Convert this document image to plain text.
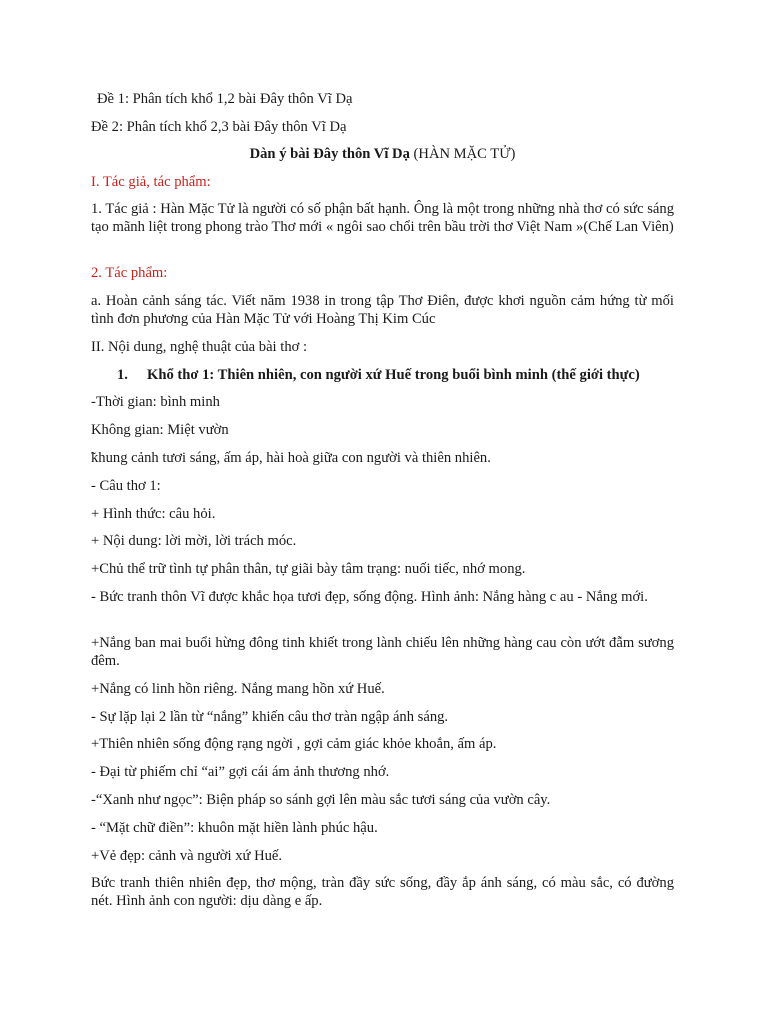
Đề 1: Phân tích khổ 1,2 bài Đây thôn Vĩ Dạ
Đề 2: Phân tích khổ 2,3 bài Đây thôn Vĩ Dạ
Dàn ý bài Đây thôn Vĩ Dạ (HÀN MẶC TỬ)
I. Tác giả, tác phẩm:
1. Tác giả : Hàn Mặc Tử là người có số phận bất hạnh. Ông là một trong những nhà thơ có sức sáng tạo mãnh liệt trong phong trào Thơ mới « ngôi sao chổi trên bầu trời thơ Việt Nam »(Chế Lan Viên)
2. Tác phẩm:
a. Hoàn cảnh sáng tác. Viết năm 1938 in trong tập Thơ Điên, được khơi nguồn cảm hứng từ mối tình đơn phương của Hàn Mặc Tử với Hoàng Thị Kim Cúc
II. Nội dung, nghệ thuật của bài thơ :
1. Khổ thơ 1: Thiên nhiên, con người xứ Huế trong buổi bình minh (thế giới thực)
-Thời gian: bình minh
Không gian: Miệt vườn
̃khung cảnh tươi sáng, ấm áp, hài hoà giữa con người và thiên nhiên.
- Câu thơ 1:
+ Hình thức: câu hỏi.
+ Nội dung: lời mời, lời trách móc.
+Chủ thể trữ tình tự phân thân, tự giãi bày tâm trạng: nuối tiếc, nhớ mong.
- Bức tranh thôn Vĩ được khắc họa tươi đẹp, sống động. Hình ảnh: Nắng hàng c au - Nắng mới.
+Nắng ban mai buổi hừng đông tinh khiết trong lành chiếu lên những hàng cau còn ướt đẫm sương đêm.
+Nắng có linh hồn riêng. Nắng mang hồn xứ Huế.
- Sự lặp lại 2 lần từ “nắng” khiến câu thơ tràn ngập ánh sáng.
+Thiên nhiên sống động rạng ngời , gợi cảm giác khỏe khoắn, ấm áp.
- Đại từ phiếm chỉ “ai” gợi cái ám ảnh thương nhớ.
-“Xanh như ngọc”: Biện pháp so sánh gợi lên màu sắc tươi sáng của vườn cây.
- “Mặt chữ điền”: khuôn mặt hiền lành phúc hậu.
+Vẻ đẹp: cảnh và người xứ Huế.
Bức tranh thiên nhiên đẹp, thơ mộng, tràn đầy sức sống, đầy ắp ánh sáng, có màu sắc, có đường nét. Hình ảnh con người: dịu dàng e ấp.
